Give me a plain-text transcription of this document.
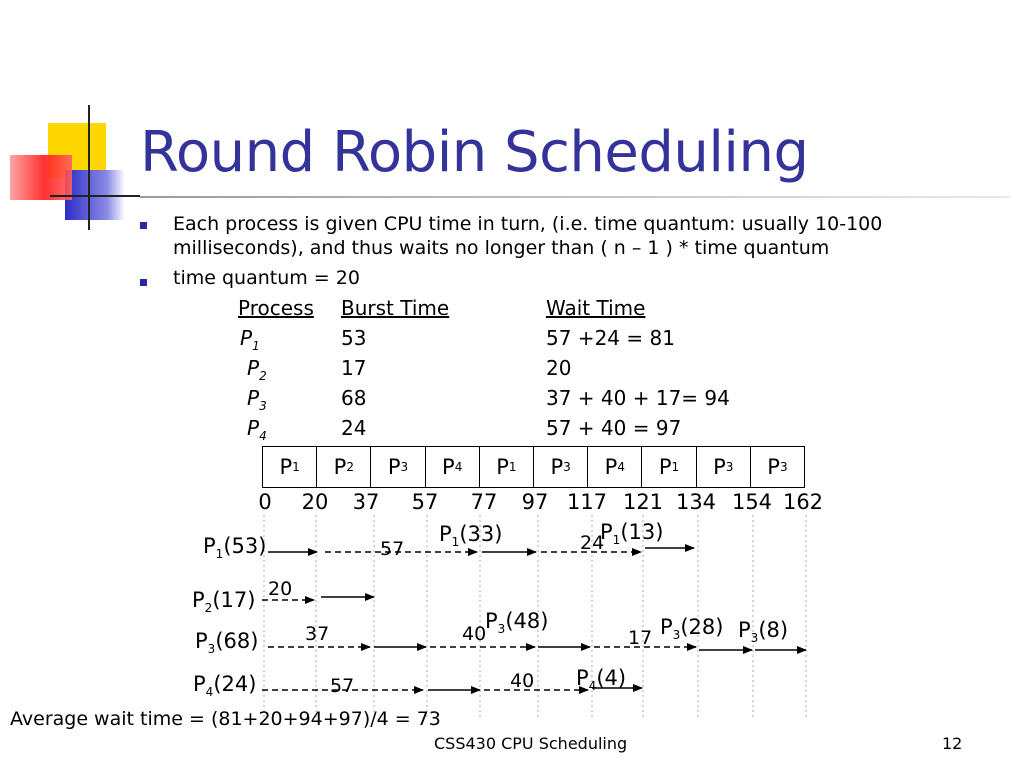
Round Robin Scheduling
Each process is given CPU time in turn, (i.e. time quantum: usually 10-100
milliseconds), and thus waits no longer than ( n – 1 ) * time quantum
time quantum = 20
Process Burst Time	Wait Time
$P_1$	53	57 +24 = 81
$P_2$	17	20
$P_3$	68	37 + 40 + 17= 94
$P_4$	24	57 + 40 = 97
P 1 P 2 P 3 P 4 P 1 P 3 P 4 P 1 P 3 P 3
0 20 37 57 77 97 117 121 134 154 162
$P_1(53)$	57
$P_1(33)$	24
$P_1(13)$
$P_2(17)$ 20
$P_3(68)$ 37	40
$P_3(48)$
17 $P_3(28)$ $P_3(8)$
$P_4(24)$	57	40 $P_4(4)$
Average wait time = (81+20+94+97)/4 = 73
CSS430 CPU Scheduling	12
